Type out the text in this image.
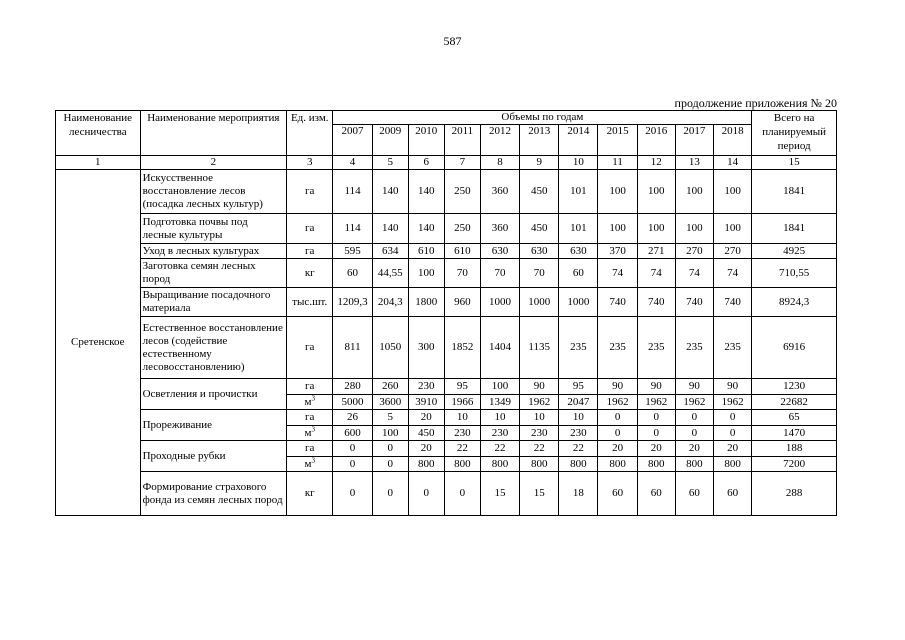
587
продолжение приложения № 20
Наименование лесничества	Наименование мероприятия	Ед. изм.	Объемы по годам											Всего на планируемый период
			2007	2009	2010	2011	2012	2013	2014	2015	2016	2017	2018	
1	2	3	4	5	6	7	8	9	10	11	12	13	14	15
Сретенское	Искусственное восстановление лесов (посадка лесных культур)	га	114	140	140	250	360	450	101	100	100	100	100	1841
	Подготовка почвы под лесные культуры	га	114	140	140	250	360	450	101	100	100	100	100	1841
	Уход в лесных культурах	га	595	634	610	610	630	630	630	370	271	270	270	4925
	Заготовка семян лесных пород	кг	60	44,55	100	70	70	70	60	74	74	74	74	710,55
	Выращивание посадочного материала	тыс.шт.	1209,3	204,3	1800	960	1000	1000	1000	740	740	740	740	8924,3
	Естественное восстановление лесов (содействие естественному лесовосстановлению)	га	811	1050	300	1852	1404	1135	235	235	235	235	235	6916
	Осветления и прочистки	га	280	260	230	95	100	90	95	90	90	90	90	1230
		$м^3$	5000	3600	3910	1966	1349	1962	2047	1962	1962	1962	1962	22682
	Прореживание	га	26	5	20	10	10	10	10	0	0	0	0	65
		$м^3$	600	100	450	230	230	230	230	0	0	0	0	1470
	Проходные рубки	га	0	0	20	22	22	22	22	20	20	20	20	188
		$м^3$	0	0	800	800	800	800	800	800	800	800	800	7200
	Формирование страхового фонда из семян лесных пород	кг	0	0	0	0	15	15	18	60	60	60	60	288
